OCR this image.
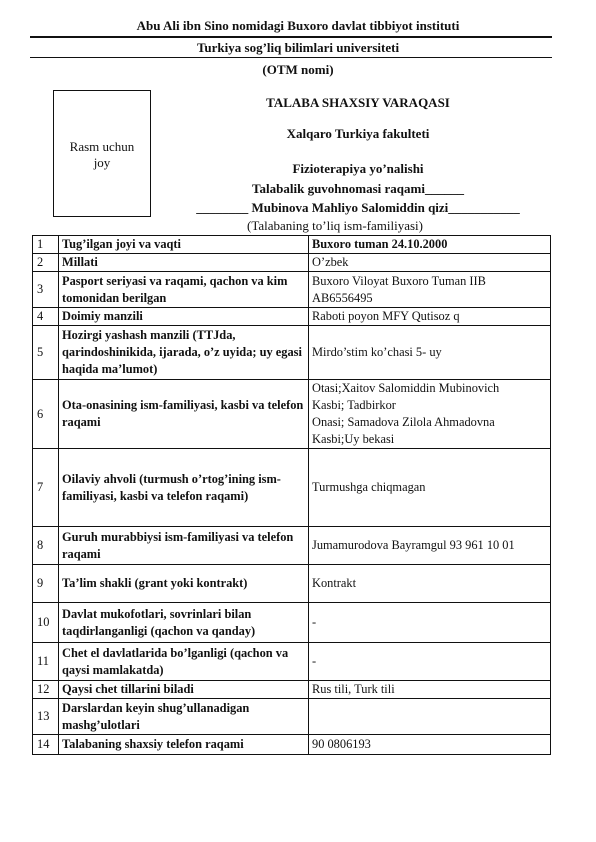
Abu Ali ibn Sino nomidagi Buxoro davlat tibbiyot instituti
Turkiya sog’liq bilimlari universiteti
(OTM nomi)
Rasm uchun
joy
TALABA SHAXSIY VARAQASI
Xalqaro Turkiya fakulteti
Fizioterapiya yo’nalishi
Talabalik guvohnomasi raqami______
________ Mubinova Mahliyo Salomiddin qizi___________
(Talabaning to’liq ism-familiyasi)
1	Tug’ilgan joyi va vaqti	Buxoro tuman 24.10.2000

2	Millati	O’zbek

3	Pasport seriyasi va raqami, qachon va kim tomonidan berilgan	Buxoro Viloyat Buxoro Tuman IIB
AB6556495

4	Doimiy manzili	Raboti poyon MFY Qutisoz q

5	Hozirgi yashash manzili (TTJda, qarindoshinikida, ijarada, o’z uyida; uy egasi haqida ma’lumot)	Mirdo’stim ko’chasi 5- uy

6	Ota-onasining ism-familiyasi, kasbi va telefon raqami	Otasi;Xaitov Salomiddin Mubinovich
Kasbi; Tadbirkor
Onasi; Samadova Zilola Ahmadovna
Kasbi;Uy bekasi

7	Oilaviy ahvoli (turmush o’rtog’ining ism-familiyasi, kasbi va telefon raqami)	Turmushga chiqmagan

8	Guruh murabbiysi ism-familiyasi va telefon raqami	Jumamurodova Bayramgul 93 961 10 01

9	Ta’lim shakli (grant yoki kontrakt)	Kontrakt

10	Davlat mukofotlari, sovrinlari bilan taqdirlanganligi (qachon va qanday)	-

11	Chet el davlatlarida bo’lganligi (qachon va qaysi mamlakatda)	-

12	Qaysi chet tillarini biladi	Rus tili, Turk tili

13	Darslardan keyin shug’ullanadigan mashg’ulotlari	

14	Talabaning shaxsiy telefon raqami	90 0806193
